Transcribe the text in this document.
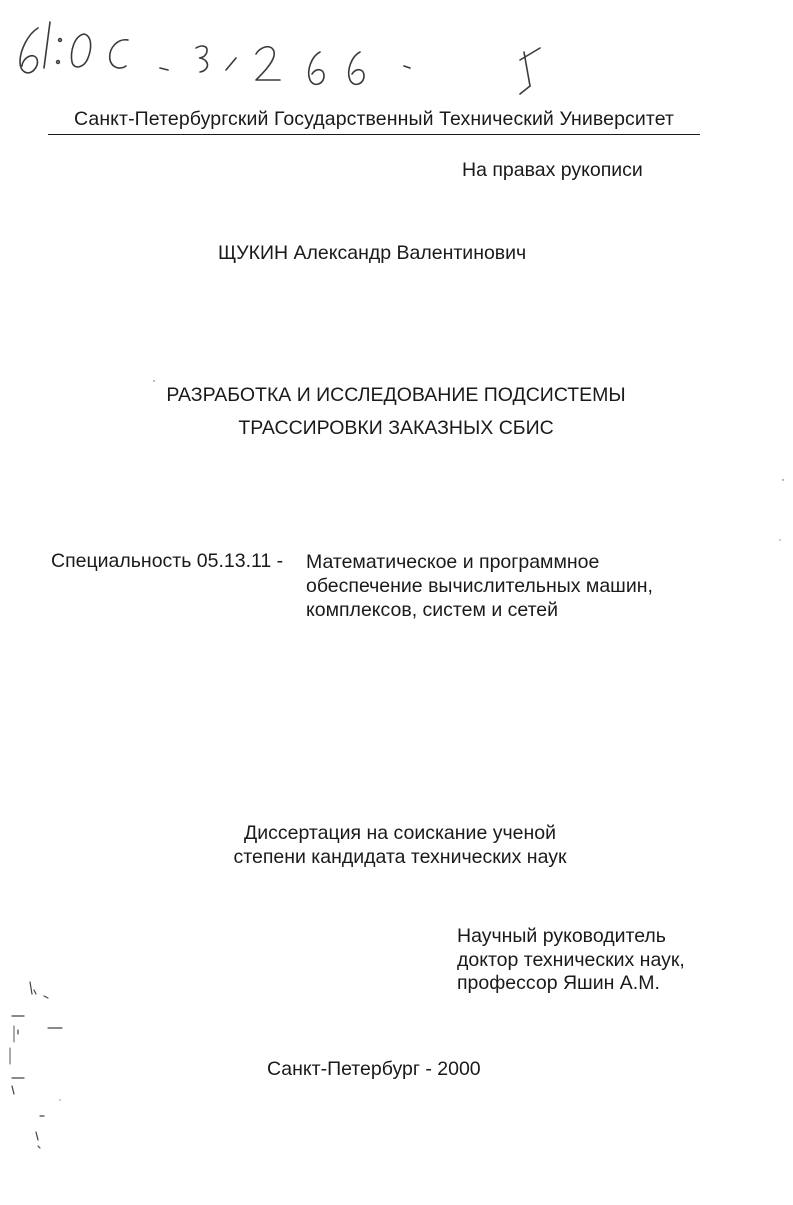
Санкт-Петербургский Государственный Технический Университет
На правах рукописи
ЩУКИН Александр Валентинович
РАЗРАБОТКА И ИССЛЕДОВАНИЕ ПОДСИСТЕМЫ
ТРАССИРОВКИ ЗАКАЗНЫХ СБИС
Специальность 05.13.11 - Математическое и программное
обеспечение вычислительных машин,
комплексов, систем и сетей
Диссертация на соискание ученой
степени кандидата технических наук
Научный руководитель
доктор технических наук,
профессор Яшин А.М.
Санкт-Петербург - 2000
